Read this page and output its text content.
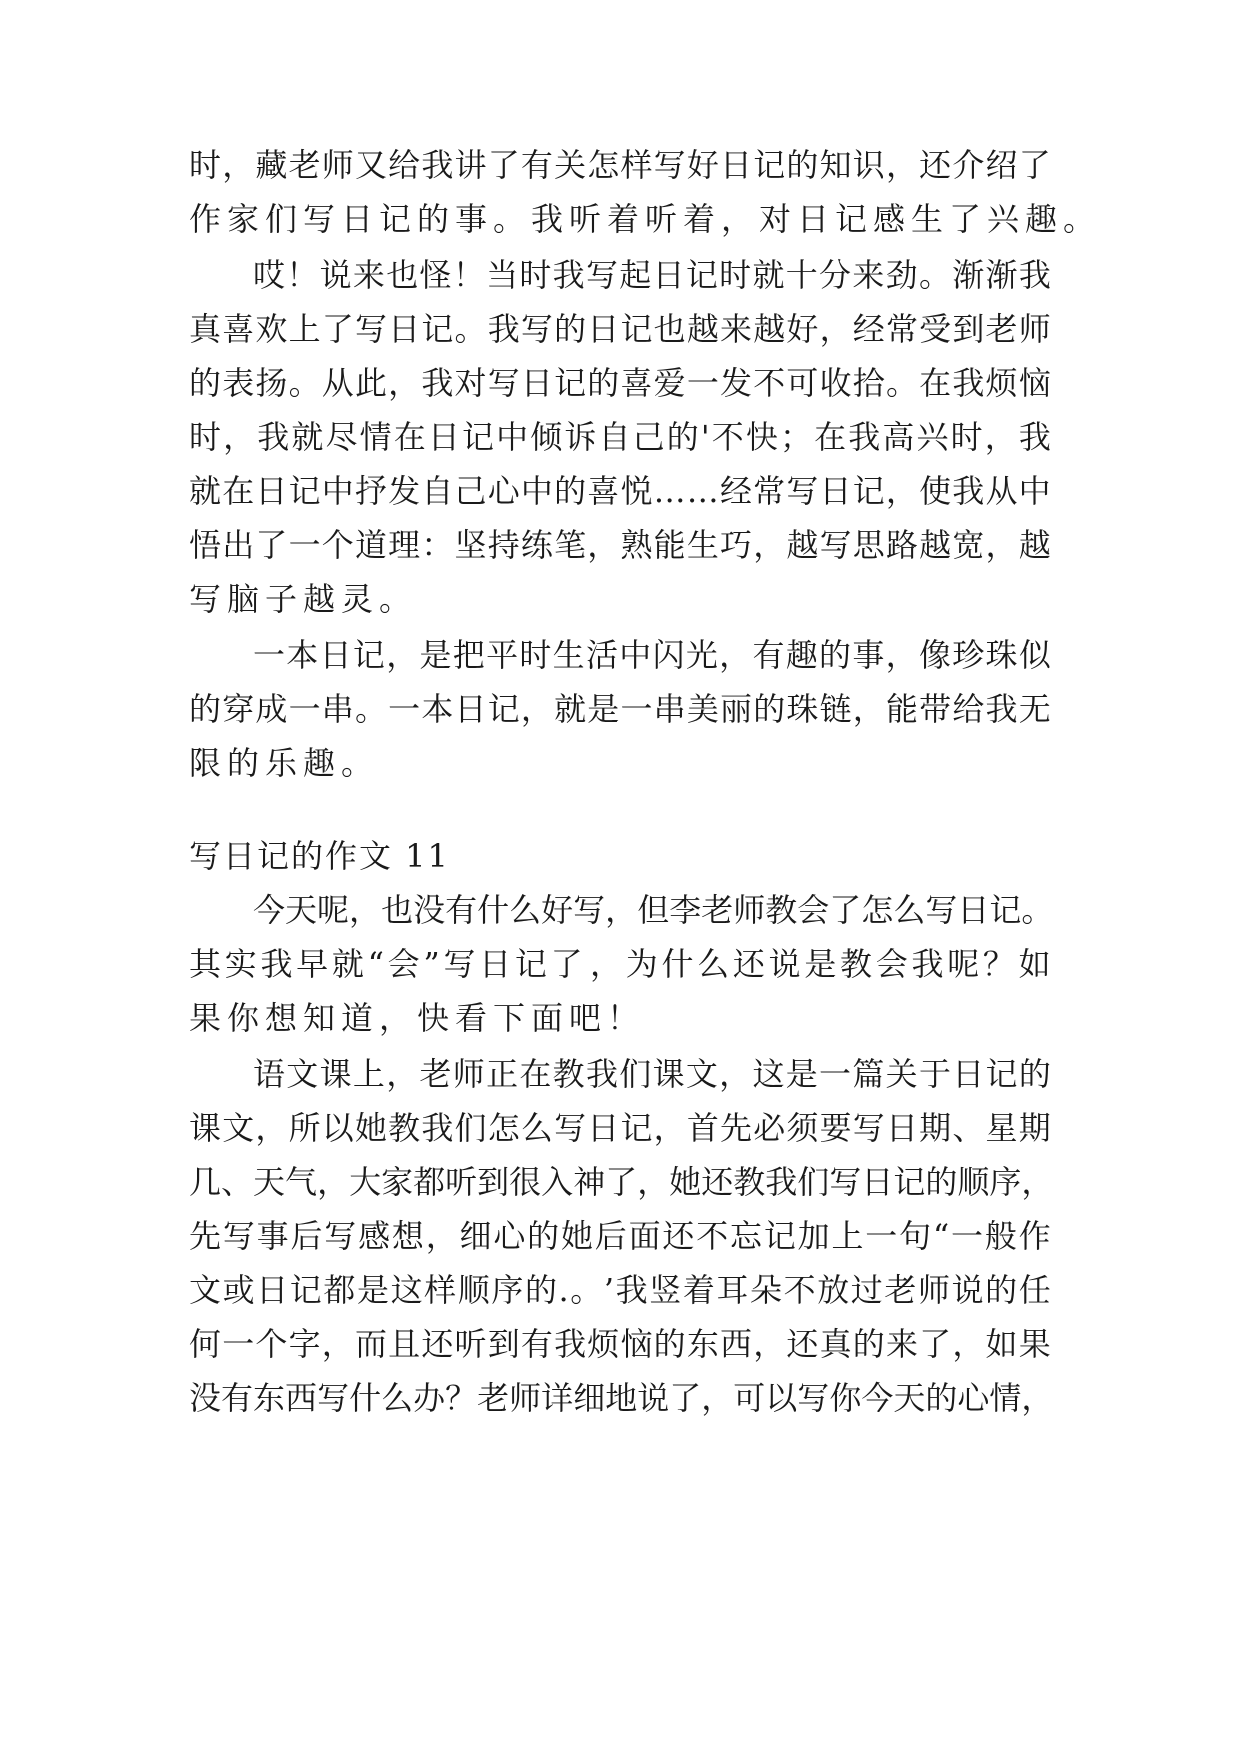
时 ， 藏 老 师 又 给 我 讲 了 有 关 怎 样 写 好 日 记 的 知 识 ， 还 介 绍 了

作家们写日记的事。我听着听着，对日记感生了兴趣。

哎 ！ 说 来 也 怪 ！ 当 时 我 写 起 日 记 时 就 十 分 来 劲 。 渐 渐 我

真 喜 欢 上 了 写 日 记 。 我 写 的 日 记 也 越 来 越 好 ， 经 常 受 到 老 师

的 表 扬 。 从 此 ， 我 对 写 日 记 的 喜 爱 一 发 不 可 收 拾 。 在 我 烦 恼

时 ， 我 就 尽 情 在 日 记 中 倾 诉 自 己 的 ' 不 快 ； 在 我 高 兴 时 ， 我

就 在 日 记 中 抒 发 自 己 心 中 的 喜 悦 … … 经 常 写 日 记 ， 使 我 从 中

悟 出 了 一 个 道 理 ： 坚 持 练 笔 ， 熟 能 生 巧 ， 越 写 思 路 越 宽 ， 越

写脑子越灵。

一 本 日 记 ， 是 把 平 时 生 活 中 闪 光 ， 有 趣 的 事 ， 像 珍 珠 似

的 穿 成 一 串 。 一 本 日 记 ， 就 是 一 串 美 丽 的 珠 链 ， 能 带 给 我 无

限的乐趣。

写日记的作文 11

今 天 呢 ， 也 没 有 什 么 好 写 ， 但 李 老 师 教 会 了 怎 么 写 日 记 。

其 实 我 早 就 “ 会 ” 写 日 记 了 ， 为 什 么 还 说 是 教 会 我 呢 ？ 如

果你想知道，快看下面吧！

语 文 课 上 ， 老 师 正 在 教 我 们 课 文 ， 这 是 一 篇 关 于 日 记 的

课 文 ， 所 以 她 教 我 们 怎 么 写 日 记 ， 首 先 必 须 要 写 日 期 、 星 期

几 、 天 气 ， 大 家 都 听 到 很 入 神 了 ， 她 还 教 我 们 写 日 记 的 顺 序 ，

先 写 事 后 写 感 想 ， 细 心 的 她 后 面 还 不 忘 记 加 上 一 句 “ 一 般 作

文 或 日 记 都 是 这 样 顺 序 的 . 。 ’ 我 竖 着 耳 朵 不 放 过 老 师 说 的 任

何 一 个 字 ， 而 且 还 听 到 有 我 烦 恼 的 东 西 ， 还 真 的 来 了 ， 如 果

没 有 东 西 写 什 么 办 ？ 老 师 详 细 地 说 了 ， 可 以 写 你 今 天 的 心 情 ，
